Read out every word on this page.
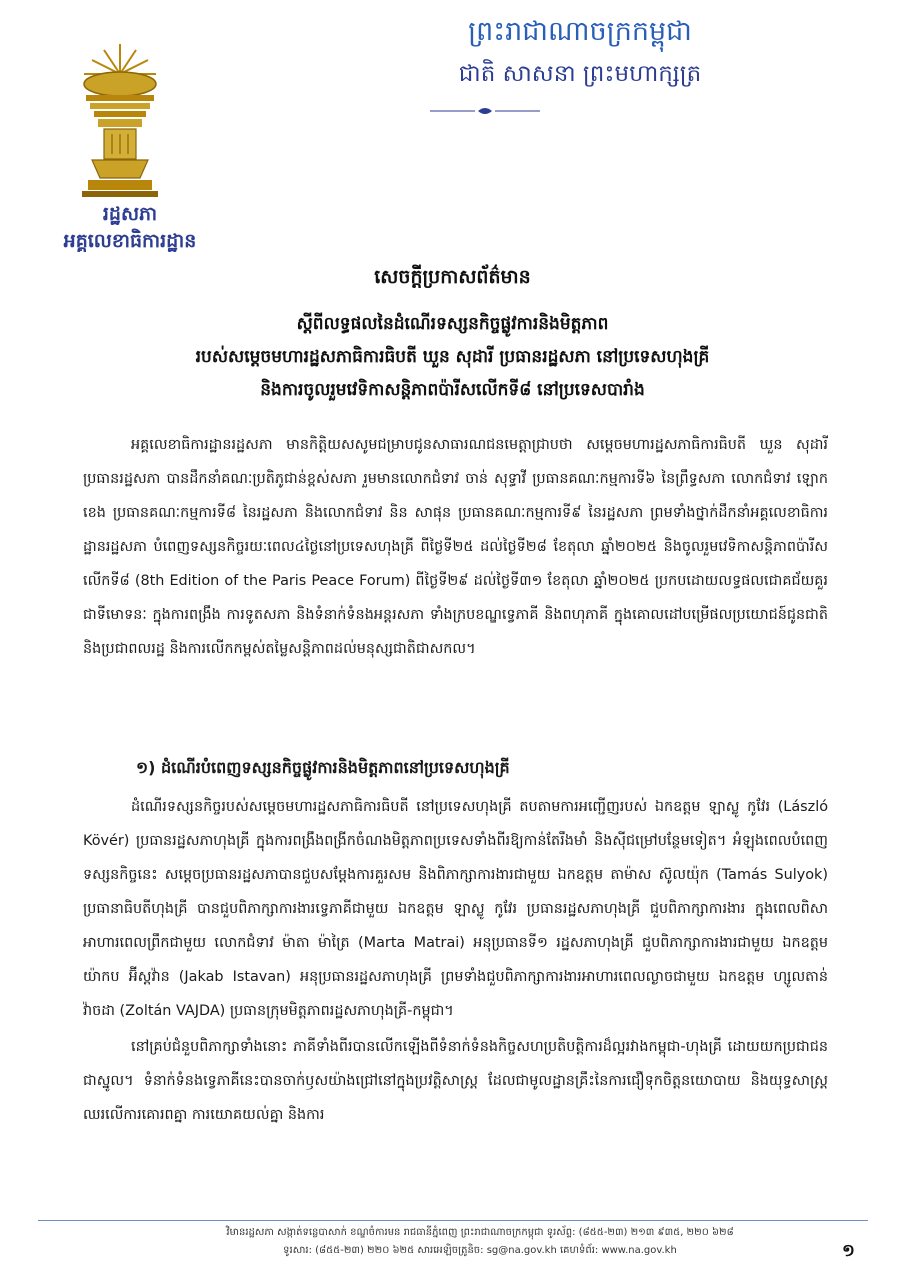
រដ្ឋសភា
អគ្គលេខាធិការដ្ឋាន
ព្រះរាជាណាចក្រកម្ពុជា
ជាតិ សាសនា ព្រះមហាក្សត្រ
សេចក្ដីប្រកាសព័ត៌មាន
ស្ដីពីលទ្ធផលនៃដំណើរទស្សនកិច្ចផ្លូវការនិងមិត្តភាព
របស់សម្ដេចមហារដ្ឋសភាធិការធិបតី ឃួន សុដារី ប្រធានរដ្ឋសភា នៅប្រទេសហុងគ្រី
និងការចូលរួមវេទិកាសន្តិភាពប៉ារីសលើកទី៨ នៅប្រទេសបារាំង
អគ្គលេខាធិការដ្ឋានរដ្ឋសភា មានកិត្តិយសសូមជម្រាបជូនសាធារណជនមេត្តាជ្រាបថា សម្ដេចមហារដ្ឋសភាធិការធិបតី ឃួន សុដារី ប្រធានរដ្ឋសភា បានដឹកនាំគណៈប្រតិភូជាន់ខ្ពស់សភា រួមមានលោកជំទាវ ចាន់ សុទ្ធាវី ប្រធានគណៈកម្មការទី៦ នៃព្រឹទ្ធសភា លោកជំទាវ ឡោក ខេង ប្រធានគណៈកម្មការទី៨ នៃរដ្ឋសភា និងលោកជំទាវ និន សាផុន ប្រធានគណៈកម្មការទី៩ នៃរដ្ឋសភា ព្រមទាំងថ្នាក់ដឹកនាំអគ្គលេខាធិការដ្ឋានរដ្ឋសភា បំពេញទស្សនកិច្ចរយៈពេល៤ថ្ងៃនៅប្រទេសហុងគ្រី ពីថ្ងៃទី២៥ ដល់ថ្ងៃទី២៨ ខែតុលា ឆ្នាំ២០២៥ និងចូលរួមវេទិកាសន្តិភាពប៉ារីសលើកទី៨ (8th Edition of the Paris Peace Forum) ពីថ្ងៃទី២៩ ដល់ថ្ងៃទី៣១ ខែតុលា ឆ្នាំ២០២៥ ប្រកបដោយលទ្ធផលជោគជ័យគួរជាទីមោទនៈ ក្នុងការពង្រឹង ការទូតសភា និងទំនាក់ទំនងអន្តរសភា ទាំងក្របខណ្ឌទ្វេភាគី និងពហុភាគី ក្នុងគោលដៅបម្រើផលប្រយោជន៍ជូនជាតិ និងប្រជាពលរដ្ឋ និងការលើកកម្ពស់តម្លៃសន្តិភាពដល់មនុស្សជាតិជាសកល។
១) ដំណើរបំពេញទស្សនកិច្ចផ្លូវការនិងមិត្តភាពនៅប្រទេសហុងគ្រី
ដំណើរទស្សនកិច្ចរបស់សម្ដេចមហារដ្ឋសភាធិការធិបតី នៅប្រទេសហុងគ្រី តបតាមការអញ្ជើញរបស់ ឯកឧត្តម ឡាស្លូ កូវែរ (László Kövér) ប្រធានរដ្ឋសភាហុងគ្រី ក្នុងការពង្រឹងពង្រីកចំណងមិត្តភាពប្រទេសទាំងពីរឱ្យកាន់តែរឹងមាំ និងស៊ីជម្រៅបន្ថែមទៀត។ អំឡុងពេលបំពេញទស្សនកិច្ចនេះ សម្ដេចប្រធានរដ្ឋសភាបានជួបសម្ដែងការគួរសម និងពិភាក្សាការងារជាមួយ ឯកឧត្តម តាម៉ាស ស៊ូលយ៉ុក (Tamás Sulyok) ប្រធានាធិបតីហុងគ្រី បានជួបពិភាក្សាការងារទ្វេភាគីជាមួយ ឯកឧត្តម ឡាស្លូ កូវែរ ប្រធានរដ្ឋសភាហុងគ្រី ជួបពិភាក្សាការងារ ក្នុងពេលពិសាអាហារពេលព្រឹកជាមួយ លោកជំទាវ ម៉ាតា ម៉ាត្រៃ (Marta Matrai) អនុប្រធានទី១ រដ្ឋសភាហុងគ្រី ជួបពិភាក្សាការងារជាមួយ ឯកឧត្តម យ៉ាកប អ៊ីស្តវ៉ាន (Jakab Istavan) អនុប្រធានរដ្ឋសភាហុងគ្រី ព្រមទាំងជួបពិភាក្សាការងារអាហារពេលល្ងាចជាមួយ ឯកឧត្តម ហ្សូលតាន់ វ៉ាចដា (Zoltán VAJDA) ប្រធានក្រុមមិត្តភាពរដ្ឋសភាហុងគ្រី-កម្ពុជា។
នៅគ្រប់ជំនួបពិភាក្សាទាំងនោះ ភាគីទាំងពីរបានលើកឡើងពីទំនាក់ទំនងកិច្ចសហប្រតិបត្តិការដ៏ល្អរវាងកម្ពុជា-ហុងគ្រី ដោយយកប្រជាជនជាស្នូល។ ទំនាក់ទំនងទ្វេភាគីនេះបានចាក់ឫសយ៉ាងជ្រៅនៅក្នុងប្រវត្តិសាស្ត្រ ដែលជាមូលដ្ឋានគ្រឹះនៃការជឿទុកចិត្តនយោបាយ និងយុទ្ធសាស្ត្រ ឈរលើការគោរពគ្នា ការយោគយល់គ្នា និងការ
វិមានរដ្ឋសភា សង្កាត់ទន្លេបាសាក់ ខណ្ឌចំការមន រាជធានីភ្នំពេញ ព្រះរាជាណាចក្រកម្ពុជា ទូរស័ព្ទ: (៨៥៥-២៣) ២១៣ ៩៣៥, ២២០ ៦២៨
ទូរសារ: (៨៥៥-២៣) ២២០ ៦២៥ សារអេឡិចត្រូនិច: sg@na.gov.kh គេហទំព័រ: www.na.gov.kh	១
